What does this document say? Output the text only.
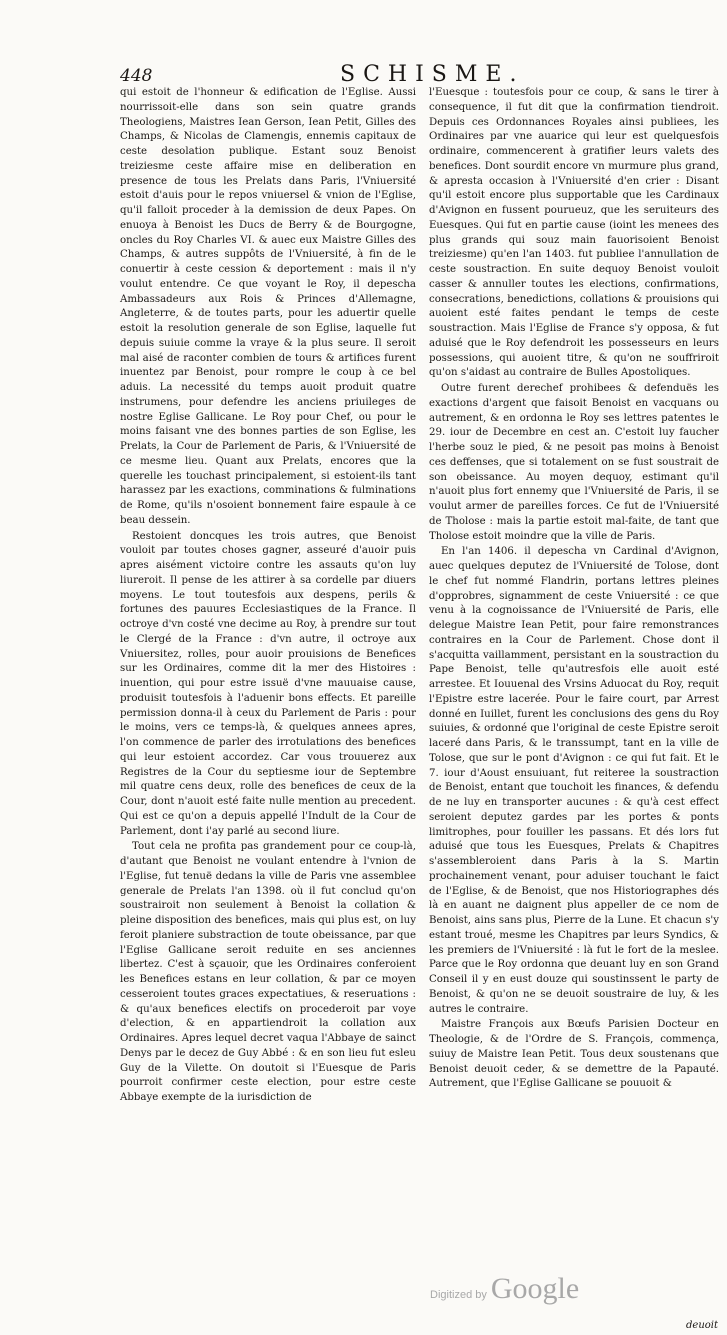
448	SCHISME.

qui estoit de l'honneur & edification de l'Eglise. Aussi nourrissoit-elle dans son sein quatre grands Theologiens, Maistres Iean Gerson, Iean Petit, Gilles des Champs, & Nicolas de Clamengis, ennemis capitaux de ceste desolation publique. Estant souz Benoist treiziesme ceste affaire mise en deliberation en presence de tous les Prelats dans Paris, l'Vniuersité estoit d'auis pour le repos vniuersel & vnion de l'Eglise, qu'il falloit proceder à la demission de deux Papes. On enuoya à Benoist les Ducs de Berry & de Bourgogne, oncles du Roy Charles VI. & auec eux Maistre Gilles des Champs, & autres suppôts de l'Vniuersité, à fin de le conuertir à ceste cession & deportement : mais il n'y voulut entendre. Ce que voyant le Roy, il depescha Ambassadeurs aux Rois & Princes d'Allemagne, Angleterre, & de toutes parts, pour les aduertir quelle estoit la resolution generale de son Eglise, laquelle fut depuis suiuie comme la vraye & la plus seure. Il seroit mal aisé de raconter combien de tours & artifices furent inuentez par Benoist, pour rompre le coup à ce bel aduis. La necessité du temps auoit produit quatre instrumens, pour defendre les anciens priuileges de nostre Eglise Gallicane. Le Roy pour Chef, ou pour le moins faisant vne des bonnes parties de son Eglise, les Prelats, la Cour de Parlement de Paris, & l'Vniuersité de ce mesme lieu. Quant aux Prelats, encores que la querelle les touchast principalement, si estoient-ils tant harassez par les exactions, comminations & fulminations de Rome, qu'ils n'osoient bonnement faire espaule à ce beau dessein.

Restoient doncques les trois autres, que Benoist vouloit par toutes choses gagner, asseuré d'auoir puis apres aisément victoire contre les assauts qu'on luy liureroit. Il pense de les attirer à sa cordelle par diuers moyens. Le tout toutesfois aux despens, perils & fortunes des pauures Ecclesiastiques de la France. Il octroye d'vn costé vne decime au Roy, à prendre sur tout le Clergé de la France : d'vn autre, il octroye aux Vniuersitez, rolles, pour auoir prouisions de Benefices sur les Ordinaires, comme dit la mer des Histoires : inuention, qui pour estre issuë d'vne mauuaise cause, produisit toutesfois à l'aduenir bons effects. Et pareille permission donna-il à ceux du Parlement de Paris : pour le moins, vers ce temps-là, & quelques annees apres, l'on commence de parler des irrotulations des benefices qui leur estoient accordez. Car vous trouuerez aux Registres de la Cour du septiesme iour de Septembre mil quatre cens deux, rolle des benefices de ceux de la Cour, dont n'auoit esté faite nulle mention au precedent. Qui est ce qu'on a depuis appellé l'Indult de la Cour de Parlement, dont i'ay parlé au second liure.

Tout cela ne profita pas grandement pour ce coup-là, d'autant que Benoist ne voulant entendre à l'vnion de l'Eglise, fut tenuë dedans la ville de Paris vne assemblee generale de Prelats l'an 1398. où il fut conclud qu'on soustrairoit non seulement à Benoist la collation & pleine disposition des benefices, mais qui plus est, on luy feroit planiere substraction de toute obeissance, par que l'Eglise Gallicane seroit reduite en ses anciennes libertez. C'est à sçauoir, que les Ordinaires conferoient les Benefices estans en leur collation, & par ce moyen cesseroient toutes graces expectatiues, & reseruations : & qu'aux benefices electifs on procederoit par voye d'election, & en appartiendroit la collation aux Ordinaires. Apres lequel decret vaqua l'Abbaye de sainct Denys par le decez de Guy Abbé : & en son lieu fut esleu Guy de la Vilette. On doutoit si l'Euesque de Paris pourroit confirmer ceste election, pour estre ceste Abbaye exempte de la iurisdiction de

l'Euesque : toutesfois pour ce coup, & sans le tirer à consequence, il fut dit que la confirmation tiendroit. Depuis ces Ordonnances Royales ainsi publiees, les Ordinaires par vne auarice qui leur est quelquesfois ordinaire, commencerent à gratifier leurs valets des benefices. Dont sourdit encore vn murmure plus grand, & apresta occasion à l'Vniuersité d'en crier : Disant qu'il estoit encore plus supportable que les Cardinaux d'Avignon en fussent pourueuz, que les seruiteurs des Euesques. Qui fut en partie cause (ioint les menees des plus grands qui souz main fauorisoient Benoist treiziesme) qu'en l'an 1403. fut publiee l'annullation de ceste soustraction. En suite dequoy Benoist vouloit casser & annuller toutes les elections, confirmations, consecrations, benedictions, collations & prouisions qui auoient esté faites pendant le temps de ceste soustraction. Mais l'Eglise de France s'y opposa, & fut aduisé que le Roy defendroit les possesseurs en leurs possessions, qui auoient titre, & qu'on ne souffriroit qu'on s'aidast au contraire de Bulles Apostoliques.

Outre furent derechef prohibees & defenduës les exactions d'argent que faisoit Benoist en vacquans ou autrement, & en ordonna le Roy ses lettres patentes le 29. iour de Decembre en cest an. C'estoit luy faucher l'herbe souz le pied, & ne pesoit pas moins à Benoist ces deffenses, que si totalement on se fust soustrait de son obeissance. Au moyen dequoy, estimant qu'il n'auoit plus fort ennemy que l'Vniuersité de Paris, il se voulut armer de pareilles forces. Ce fut de l'Vniuersité de Tholose : mais la partie estoit mal-faite, de tant que Tholose estoit moindre que la ville de Paris.

En l'an 1406. il depescha vn Cardinal d'Avignon, auec quelques deputez de l'Vniuersité de Tolose, dont le chef fut nommé Flandrin, portans lettres pleines d'opprobres, signamment de ceste Vniuersité : ce que venu à la cognoissance de l'Vniuersité de Paris, elle delegue Maistre Iean Petit, pour faire remonstrances contraires en la Cour de Parlement. Chose dont il s'acquitta vaillamment, persistant en la soustraction du Pape Benoist, telle qu'autresfois elle auoit esté arrestee. Et Iouuenal des Vrsins Aduocat du Roy, requit l'Epistre estre lacerée. Pour le faire court, par Arrest donné en Iuillet, furent les conclusions des gens du Roy suiuies, & ordonné que l'original de ceste Epistre seroit laceré dans Paris, & le transsumpt, tant en la ville de Tolose, que sur le pont d'Avignon : ce qui fut fait. Et le 7. iour d'Aoust ensuiuant, fut reiteree la soustraction de Benoist, entant que touchoit les finances, & defendu de ne luy en transporter aucunes : & qu'à cest effect seroient deputez gardes par les portes & ponts limitrophes, pour fouiller les passans. Et dés lors fut aduisé que tous les Euesques, Prelats & Chapitres s'assembleroient dans Paris à la S. Martin prochainement venant, pour aduiser touchant le faict de l'Eglise, & de Benoist, que nos Historiographes dés là en auant ne daignent plus appeller de ce nom de Benoist, ains sans plus, Pierre de la Lune. Et chacun s'y estant troué, mesme les Chapitres par leurs Syndics, & les premiers de l'Vniuersité : là fut le fort de la meslee. Parce que le Roy ordonna que deuant luy en son Grand Conseil il y en eust douze qui soustinssent le party de Benoist, & qu'on ne se deuoit soustraire de luy, & les autres le contraire.

Maistre François aux Bœufs Parisien Docteur en Theologie, & de l'Ordre de S. François, commença, suiuy de Maistre Iean Petit. Tous deux soustenans que Benoist deuoit ceder, & se demettre de la Papauté. Autrement, que l'Eglise Gallicane se pouuoit &

deuoit
Digitized by Google
